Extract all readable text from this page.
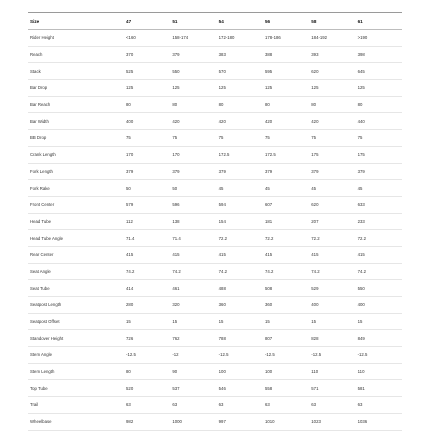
Size	47	51	54	56	58	61
Rider Height	<160	158-174	172-180	178-186	184-192	>190
Reach	370	379	383	388	393	398
Stack	525	550	570	595	620	645
Bar Drop	125	125	125	125	125	125
Bar Reach	80	80	80	80	80	80
Bar Width	400	420	420	420	420	440
BB Drop	75	75	75	75	75	75
Crank Length	170	170	172.5	172.5	175	175
Fork Length	379	379	379	379	379	379
Fork Rake	50	50	45	45	45	45
Front Center	579	596	594	607	620	633
Head Tube	112	138	154	181	207	233
Head Tube Angle	71.4	71.4	72.2	72.2	72.2	72.2
Rear Center	415	415	415	415	415	415
Seat Angle	74.2	74.2	74.2	74.2	74.2	74.2
Seat Tube	414	461	488	508	529	550
Seatpost Length	280	320	360	360	400	400
Seatpost Offset	15	15	15	15	15	15
Standover Height	726	762	788	807	828	849
Stem Angle	-12.5	-12	-12.5	-12.5	-12.5	-12.5
Stem Length	80	90	100	100	110	110
Top Tube	520	537	546	558	571	581
Trail	63	63	63	63	63	63
Wheelbase	982	1000	997	1010	1023	1036
